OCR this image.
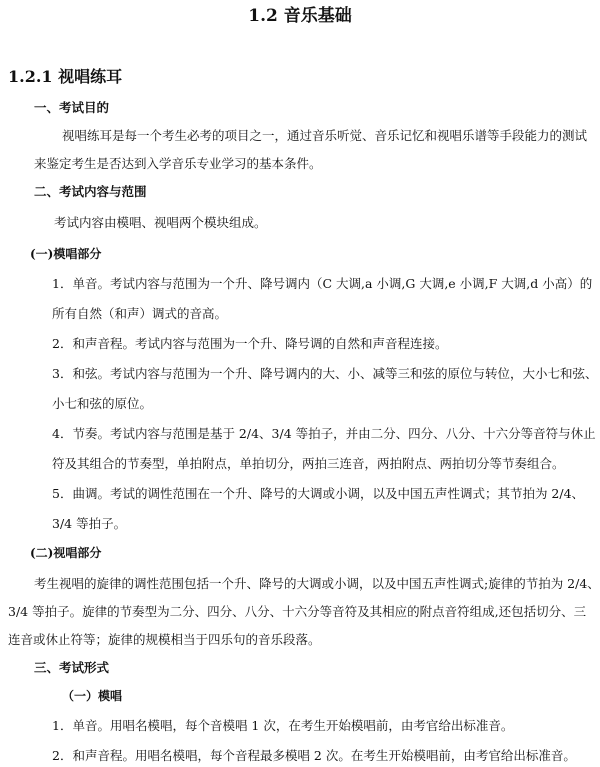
1.2 音乐基础
1.2.1 视唱练耳
一、考试目的
视唱练耳是每一个考生必考的项目之一，通过音乐听觉、音乐记忆和视唱乐谱等手段能力的测试
来鉴定考生是否达到入学音乐专业学习的基本条件。
二、考试内容与范围
考试内容由模唱、视唱两个模块组成。
(一)模唱部分
1．单音。考试内容与范围为一个升、降号调内（C 大调,a 小调,G 大调,e 小调,F 大调,d 小高）的
所有自然（和声）调式的音高。
2．和声音程。考试内容与范围为一个升、降号调的自然和声音程连接。
3．和弦。考试内容与范围为一个升、降号调内的大、小、减等三和弦的原位与转位，大小七和弦、
小七和弦的原位。
4．节奏。考试内容与范围是基于 2/4、3/4 等拍子，并由二分、四分、八分、十六分等音符与休止
符及其组合的节奏型，单拍附点，单拍切分，两拍三连音，两拍附点、两拍切分等节奏组合。
5．曲调。考试的调性范围在一个升、降号的大调或小调，以及中国五声性调式；其节拍为 2/4、
3/4 等拍子。
(二)视唱部分
考生视唱的旋律的调性范围包括一个升、降号的大调或小调，以及中国五声性调式;旋律的节拍为 2/4、
3/4 等拍子。旋律的节奏型为二分、四分、八分、十六分等音符及其相应的附点音符组成,还包括切分、三
连音或休止符等；旋律的规模相当于四乐句的音乐段落。
三、考试形式
（一）模唱
1．单音。用唱名模唱，每个音模唱 1 次，在考生开始模唱前，由考官给出标准音。
2．和声音程。用唱名模唱，每个音程最多模唱 2 次。在考生开始模唱前，由考官给出标准音。
